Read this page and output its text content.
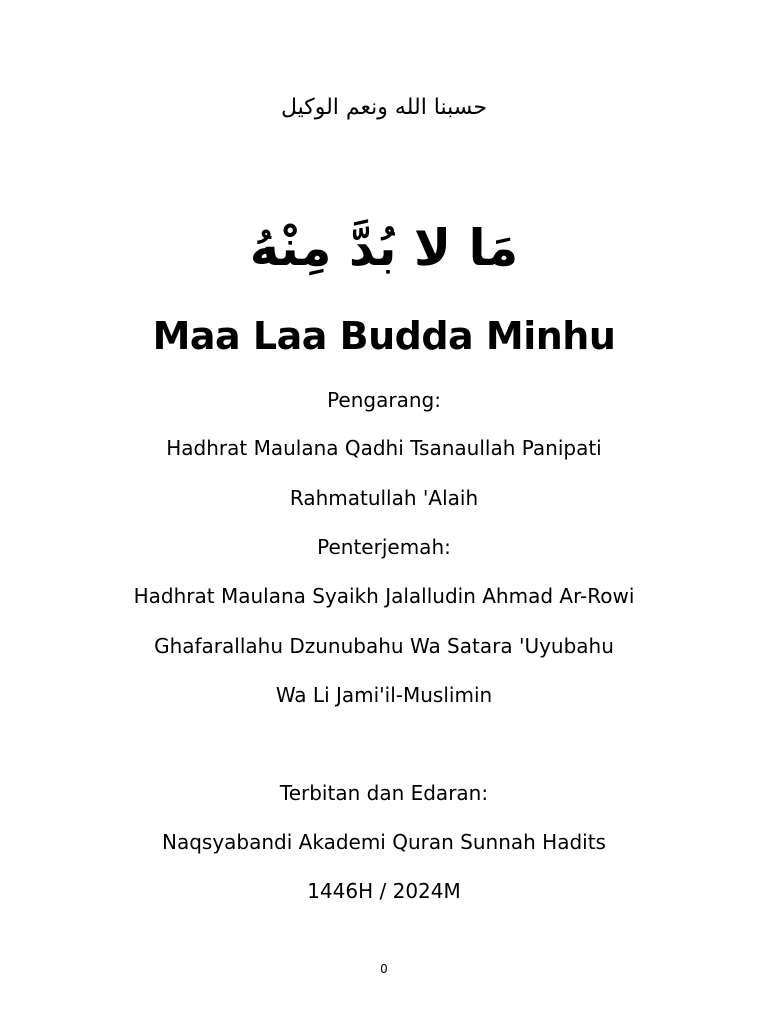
حسبنا الله ونعم الوكيل
مَا لا بُدَّ مِنْهُ
Maa Laa Budda Minhu
Pengarang:
Hadhrat Maulana Qadhi Tsanaullah Panipati
Rahmatullah 'Alaih
Penterjemah:
Hadhrat Maulana Syaikh Jalalludin Ahmad Ar-Rowi
Ghafarallahu Dzunubahu Wa Satara 'Uyubahu
Wa Li Jami'il-Muslimin
Terbitan dan Edaran:
Naqsyabandi Akademi Quran Sunnah Hadits
1446H / 2024M
0
